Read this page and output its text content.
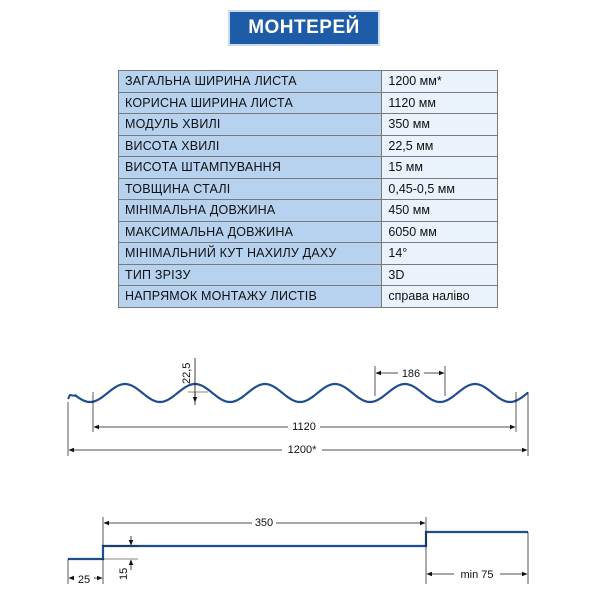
МОНТЕРЕЙ
ЗАГАЛЬНА ШИРИНА ЛИСТА	1200 мм*
КОРИСНА ШИРИНА ЛИСТА	1120 мм
МОДУЛЬ ХВИЛІ	350 мм
ВИСОТА ХВИЛІ	22,5 мм
ВИСОТА ШТАМПУВАННЯ	15 мм
ТОВЩИНА СТАЛІ	0,45-0,5 мм
МІНІМАЛЬНА ДОВЖИНА	450 мм
МАКСИМАЛЬНА ДОВЖИНА	6050 мм
МІНІМАЛЬНИЙ КУТ НАХИЛУ ДАХУ	14°
ТИП ЗРІЗУ	3D
НАПРЯМОК МОНТАЖУ ЛИСТІВ	справа наліво
22,5	186
1120
1200*
350
15
25	min 75
